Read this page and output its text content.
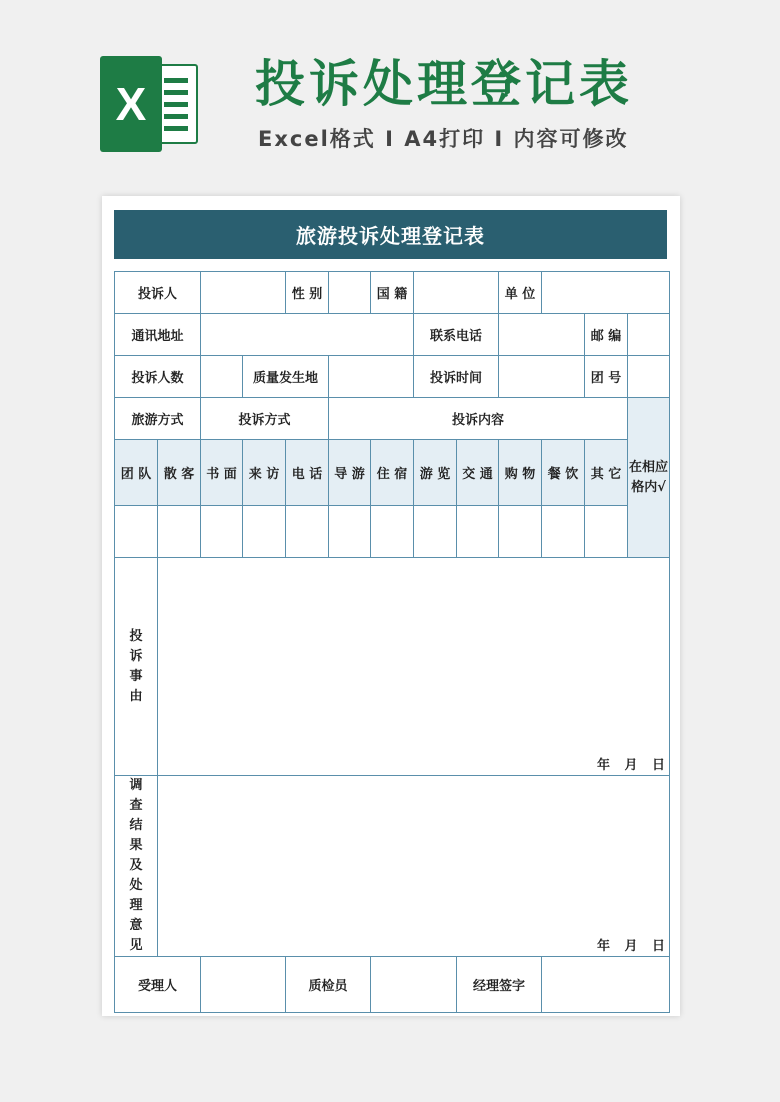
X	投诉处理登记表
Excel格式 I A4打印 I 内容可修改
旅游投诉处理登记表
投诉人				性 别		国 籍			单 位			
通讯地址							联系电话				邮 编	
投诉人数			质量发生地				投诉时间				团 号	
旅游方式		投诉方式			投诉内容							在相应格内√
团 队	散 客	书 面	来 访	电 话	导 游	住 宿	游 览	交 通	购 物	餐 饮	其 它	

投 诉 事 由	年 月 日											

调 查 结 果 及 处 理 意 见	年 月 日											

受理人				质检员				经理签字				
